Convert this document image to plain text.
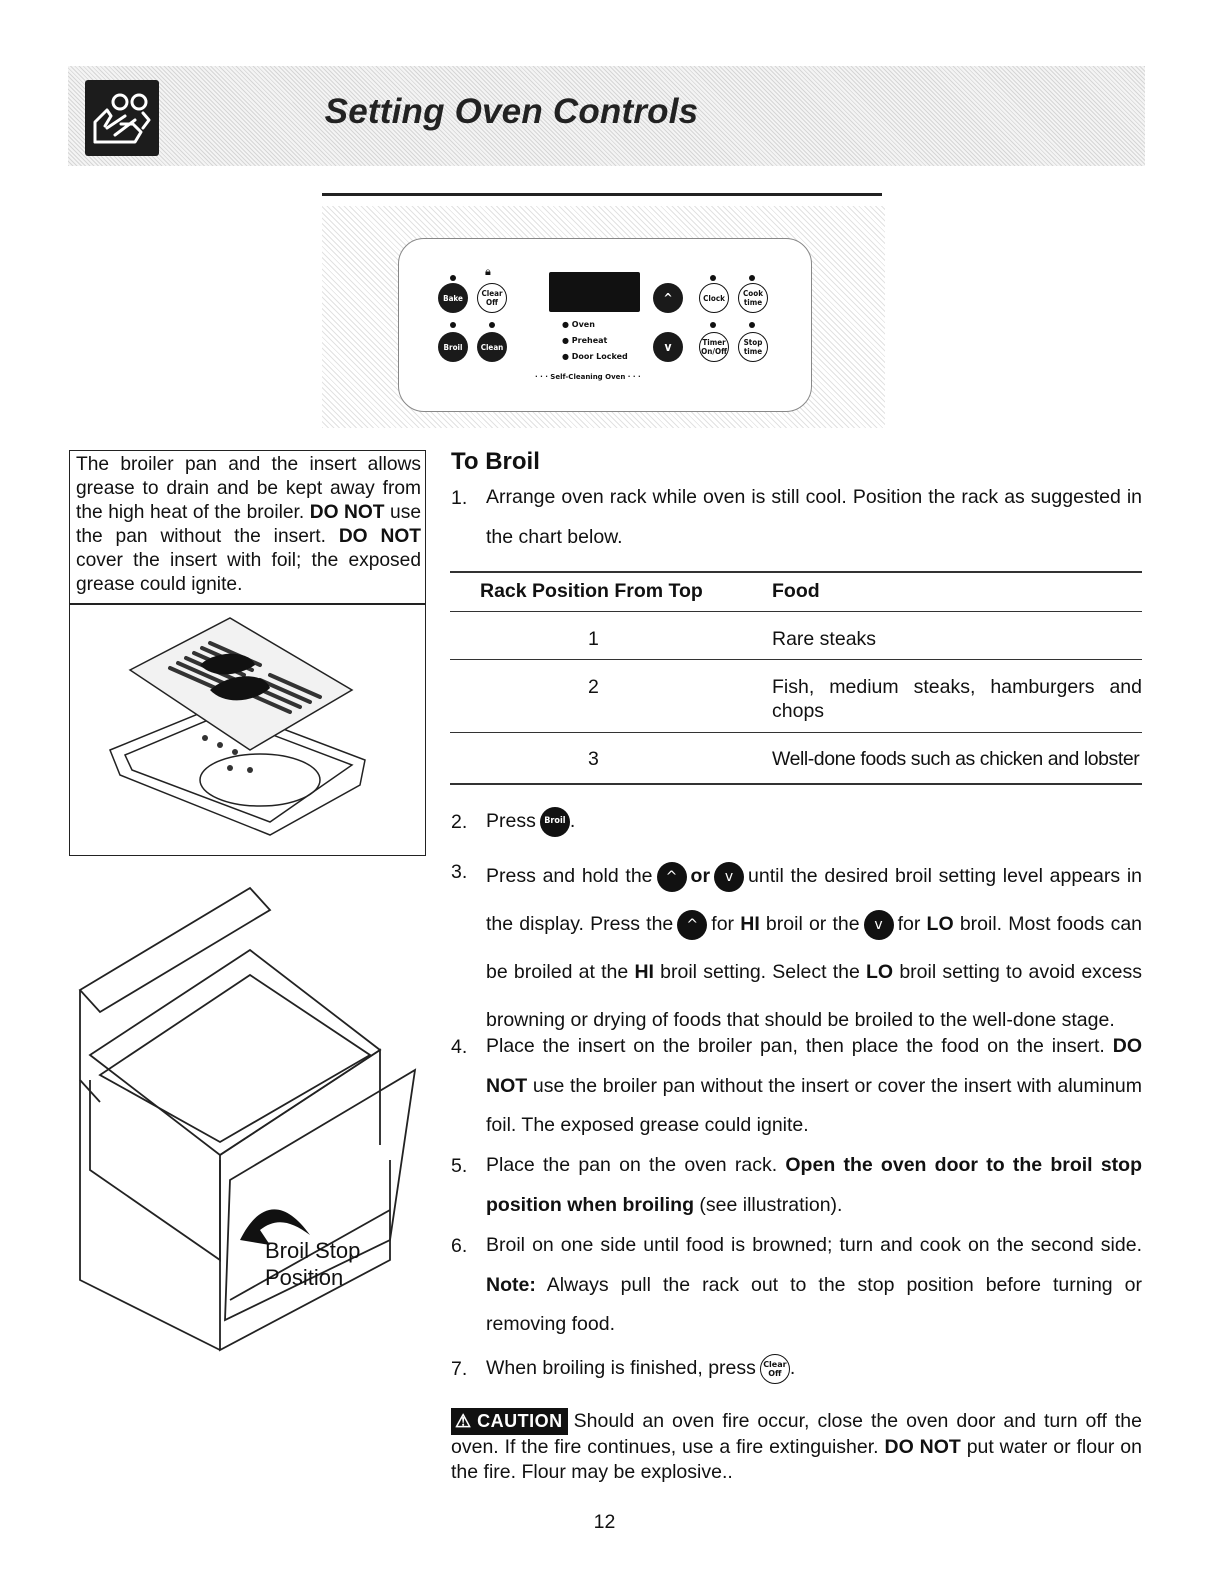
Setting Oven Controls
🔒︎
Bake	Clear Off
Broil	Clean
● Oven
● Preheat
● Door Locked
· · · Self-Cleaning Oven · · ·
^
v
Clock	Cook time
Timer On/Off
Stop time
The broiler pan and the insert allows grease to drain and be kept away from the high heat of the broiler. DO NOT use the pan without the insert. DO NOT cover the insert with foil; the exposed grease could ignite.
Broil Stop
Position
To Broil
1. Arrange oven rack while oven is still cool. Position the rack as suggested in the chart below.
Rack Position From Top	Food
1	Rare steaks
2	Fish, medium steaks, hamburgers and chops
3	Well-done foods such as chicken and lobster
2. Press Broil .
3. Press and hold the ^ or v until the desired broil setting level appears in the display. Press the ^ for HI broil or the v for LO broil. Most foods can be broiled at the HI broil setting. Select the LO broil setting to avoid excess browning or drying of foods that should be broiled to the well-done stage.
4. Place the insert on the broiler pan, then place the food on the insert. DO NOT use the broiler pan without the insert or cover the insert with aluminum foil. The exposed grease could ignite.
5. Place the pan on the oven rack. Open the oven door to the broil stop position when broiling (see illustration).
6. Broil on one side until food is browned; turn and cook on the second side. Note: Always pull the rack out to the stop position before turning or removing food.
7. When broiling is finished, press Clear Off .
⚠ CAUTION Should an oven fire occur, close the oven door and turn off the oven. If the fire continues, use a fire extinguisher. DO NOT put water or flour on the fire. Flour may be explosive..
12
